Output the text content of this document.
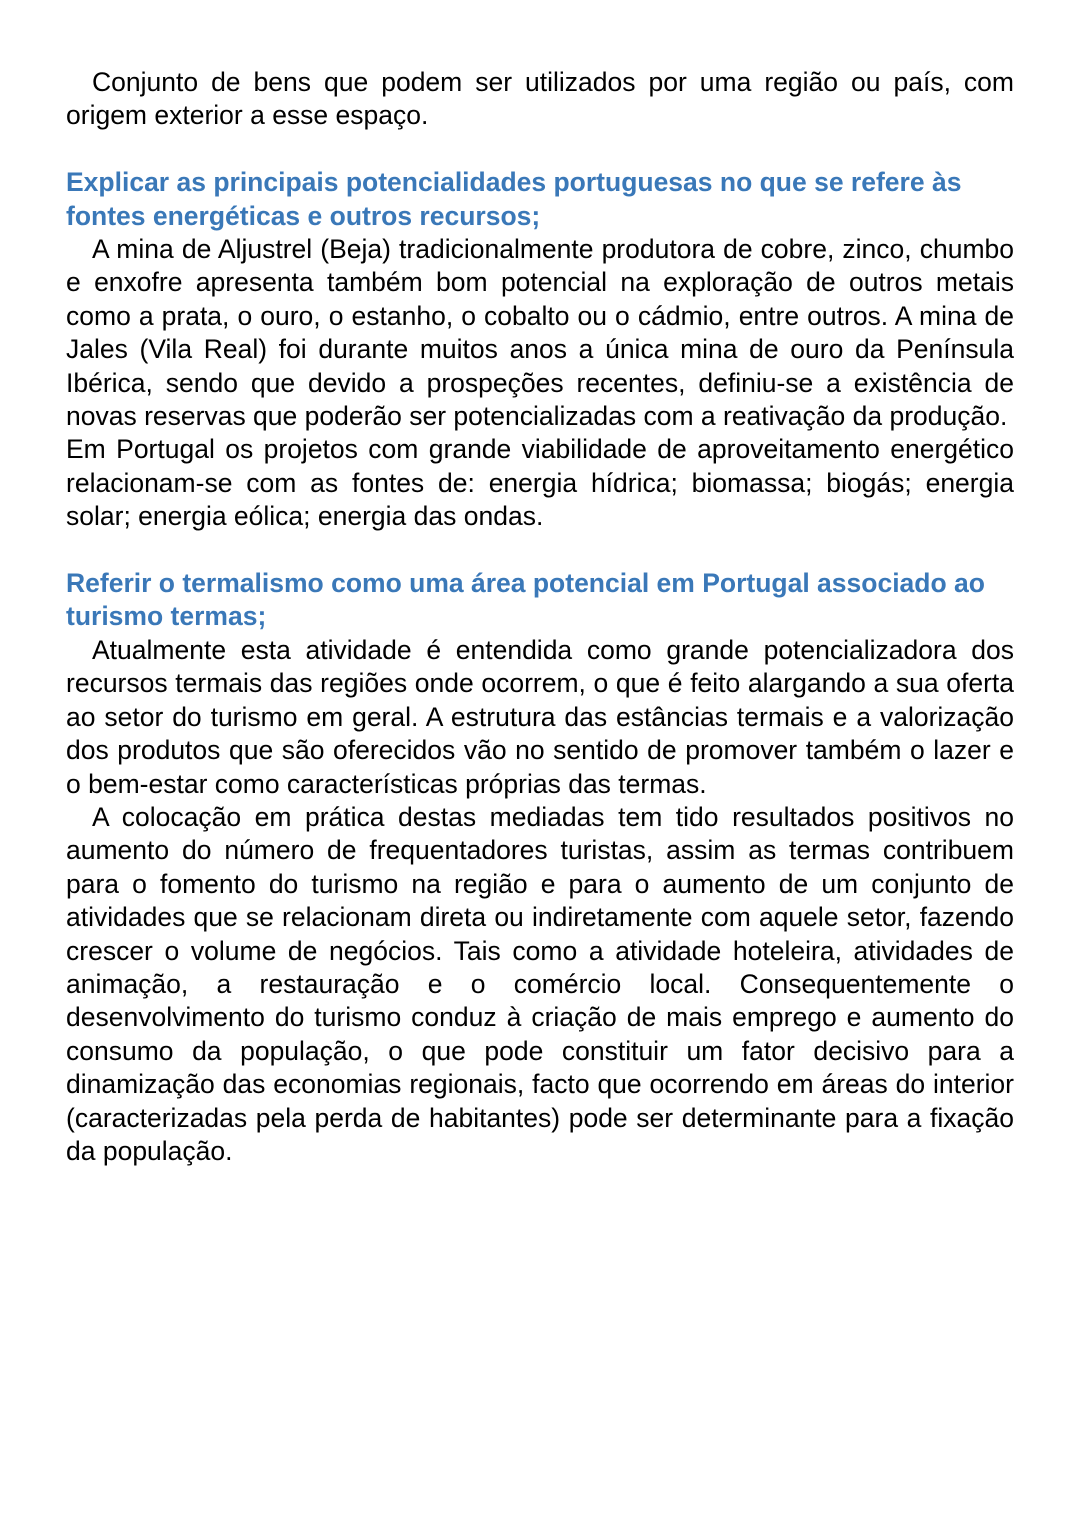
Conjunto de bens que podem ser utilizados por uma região ou país, com origem exterior a esse espaço.

Explicar as principais potencialidades portuguesas no que se refere às fontes energéticas e outros recursos;

A mina de Aljustrel (Beja) tradicionalmente produtora de cobre, zinco, chumbo e enxofre apresenta também bom potencial na exploração de outros metais como a prata, o ouro, o estanho, o cobalto ou o cádmio, entre outros. A mina de Jales (Vila Real) foi durante muitos anos a única mina de ouro da Península Ibérica, sendo que devido a prospeções recentes, definiu-se a existência de novas reservas que poderão ser potencializadas com a reativação da produção.

Em Portugal os projetos com grande viabilidade de aproveitamento energético relacionam-se com as fontes de: energia hídrica; biomassa; biogás; energia solar; energia eólica; energia das ondas.

Referir o termalismo como uma área potencial em Portugal associado ao turismo termas;

Atualmente esta atividade é entendida como grande potencializadora dos recursos termais das regiões onde ocorrem, o que é feito alargando a sua oferta ao setor do turismo em geral. A estrutura das estâncias termais e a valorização dos produtos que são oferecidos vão no sentido de promover também o lazer e o bem-estar como características próprias das termas.

A colocação em prática destas mediadas tem tido resultados positivos no aumento do número de frequentadores turistas, assim as termas contribuem para o fomento do turismo na região e para o aumento de um conjunto de atividades que se relacionam direta ou indiretamente com aquele setor, fazendo crescer o volume de negócios. Tais como a atividade hoteleira, atividades de animação, a restauração e o comércio local. Consequentemente o desenvolvimento do turismo conduz à criação de mais emprego e aumento do consumo da população, o que pode constituir um fator decisivo para a dinamização das economias regionais, facto que ocorrendo em áreas do interior (caracterizadas pela perda de habitantes) pode ser determinante para a fixação da população.
